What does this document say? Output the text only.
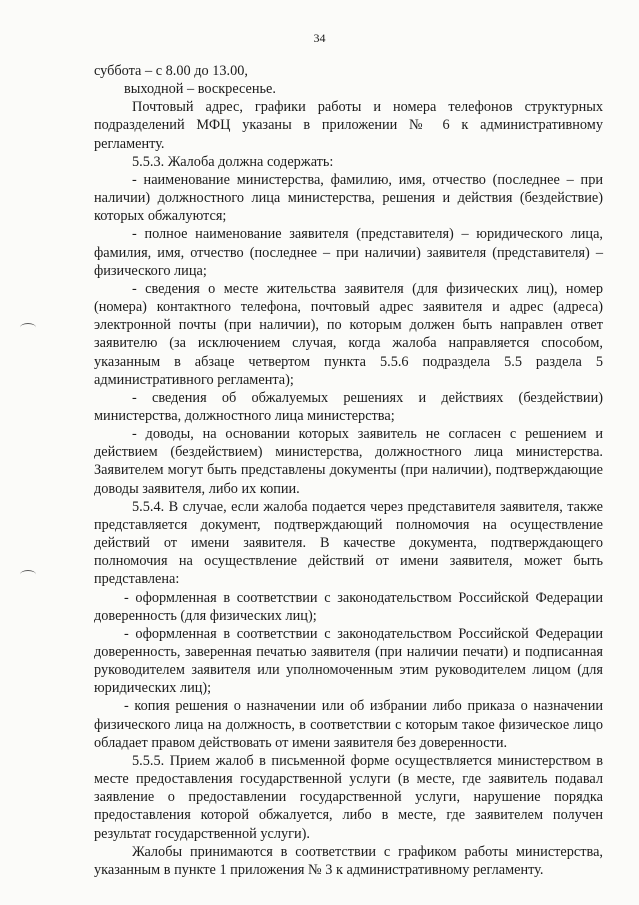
34

суббота – с 8.00 до 13.00,

выходной – воскресенье.

Почтовый адрес, графики работы и номера телефонов структурных подразделений МФЦ указаны в приложении № 6 к административному регламенту.

5.5.3. Жалоба должна содержать:

- наименование министерства, фамилию, имя, отчество (последнее – при наличии) должностного лица министерства, решения и действия (бездействие) которых обжалуются;

- полное наименование заявителя (представителя) – юридического лица, фамилия, имя, отчество (последнее – при наличии) заявителя (представителя) – физического лица;

- сведения о месте жительства заявителя (для физических лиц), номер (номера) контактного телефона, почтовый адрес заявителя и адрес (адреса) электронной почты (при наличии), по которым должен быть направлен ответ заявителю (за исключением случая, когда жалоба направляется способом, указанным в абзаце четвертом пункта 5.5.6 подраздела 5.5 раздела 5 административного регламента);

- сведения об обжалуемых решениях и действиях (бездействии) министерства, должностного лица министерства;

- доводы, на основании которых заявитель не согласен с решением и действием (бездействием) министерства, должностного лица министерства. Заявителем могут быть представлены документы (при наличии), подтверждающие доводы заявителя, либо их копии.

5.5.4. В случае, если жалоба подается через представителя заявителя, также представляется документ, подтверждающий полномочия на осуществление действий от имени заявителя. В качестве документа, подтверждающего полномочия на осуществление действий от имени заявителя, может быть представлена:

- оформленная в соответствии с законодательством Российской Федерации доверенность (для физических лиц);

- оформленная в соответствии с законодательством Российской Федерации доверенность, заверенная печатью заявителя (при наличии печати) и подписанная руководителем заявителя или уполномоченным этим руководителем лицом (для юридических лиц);

- копия решения о назначении или об избрании либо приказа о назначении физического лица на должность, в соответствии с которым такое физическое лицо обладает правом действовать от имени заявителя без доверенности.

5.5.5. Прием жалоб в письменной форме осуществляется министерством в месте предоставления государственной услуги (в месте, где заявитель подавал заявление о предоставлении государственной услуги, нарушение порядка предоставления которой обжалуется, либо в месте, где заявителем получен результат государственной услуги).

Жалобы принимаются в соответствии с графиком работы министерства, указанным в пункте 1 приложения № 3 к административному регламенту.
